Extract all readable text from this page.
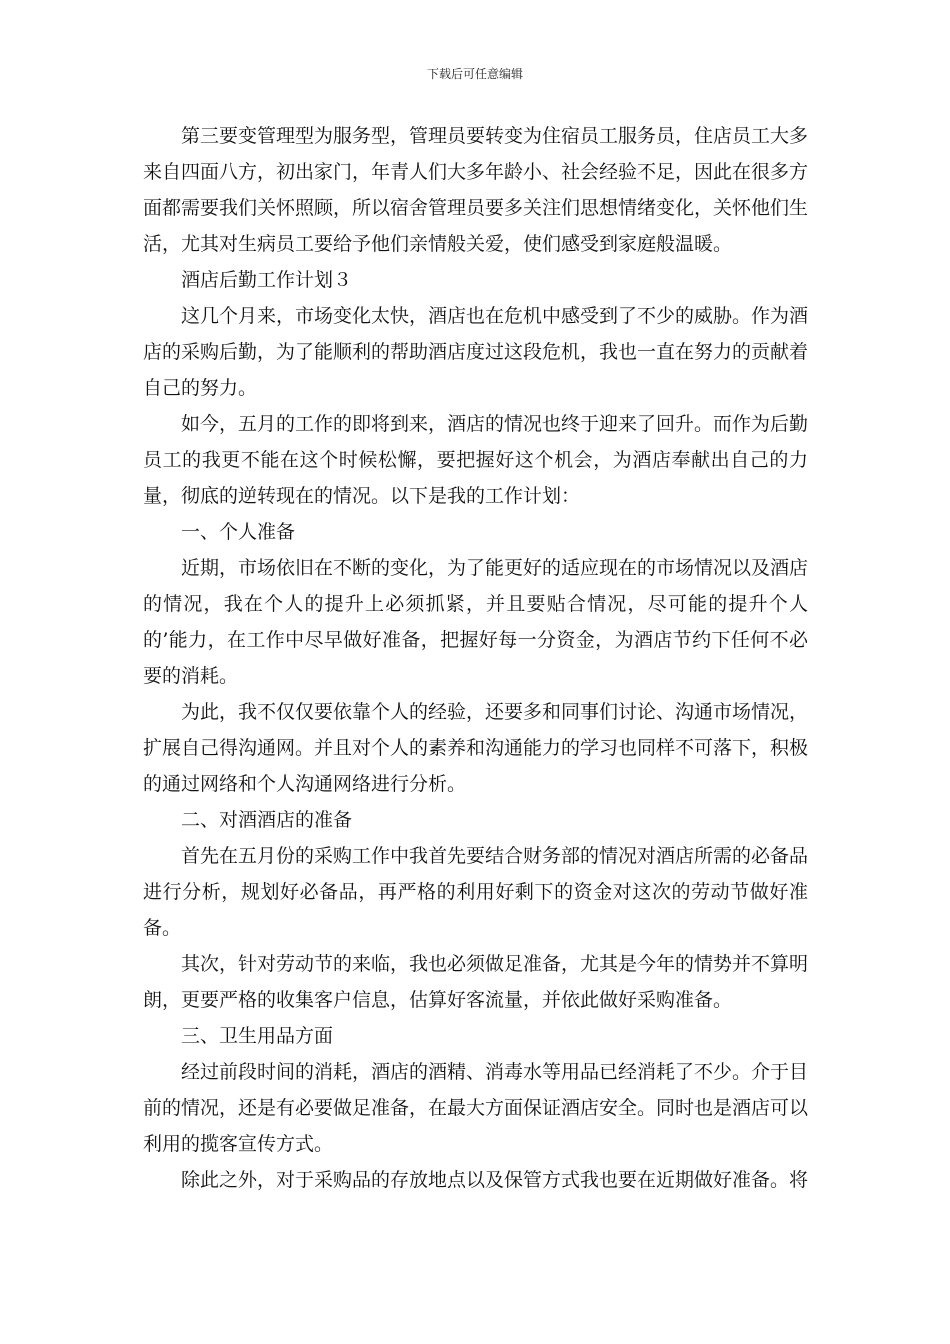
下载后可任意编辑

第三要变管理型为服务型，管理员要转变为住宿员工服务员，住店员工大多来自四面八方，初出家门，年青人们大多年龄小、社会经验不足，因此在很多方面都需要我们关怀照顾，所以宿舍管理员要多关注们思想情绪变化，关怀他们生活，尤其对生病员工要给予他们亲情般关爱，使们感受到家庭般温暖。

酒店后勤工作计划３

这几个月来，市场变化太快，酒店也在危机中感受到了不少的威胁。作为酒店的采购后勤，为了能顺利的帮助酒店度过这段危机，我也一直在努力的贡献着自己的努力。

如今，五月的工作的即将到来，酒店的情况也终于迎来了回升。而作为后勤员工的我更不能在这个时候松懈，要把握好这个机会，为酒店奉献出自己的力量，彻底的逆转现在的情况。以下是我的工作计划：

一、个人准备

近期，市场依旧在不断的变化，为了能更好的适应现在的市场情况以及酒店的情况，我在个人的提升上必须抓紧，并且要贴合情况，尽可能的提升个人的’能力，在工作中尽早做好准备，把握好每一分资金，为酒店节约下任何不必要的消耗。

为此，我不仅仅要依靠个人的经验，还要多和同事们讨论、沟通市场情况，扩展自己得沟通网。并且对个人的素养和沟通能力的学习也同样不可落下，积极的通过网络和个人沟通网络进行分析。

二、对酒酒店的准备

首先在五月份的采购工作中我首先要结合财务部的情况对酒店所需的必备品进行分析，规划好必备品，再严格的利用好剩下的资金对这次的劳动节做好准备。

其次，针对劳动节的来临，我也必须做足准备，尤其是今年的情势并不算明朗，更要严格的收集客户信息，估算好客流量，并依此做好采购准备。

三、卫生用品方面

经过前段时间的消耗，酒店的酒精、消毒水等用品已经消耗了不少。介于目前的情况，还是有必要做足准备，在最大方面保证酒店安全。同时也是酒店可以利用的揽客宣传方式。

除此之外，对于采购品的存放地点以及保管方式我也要在近期做好准备。将
